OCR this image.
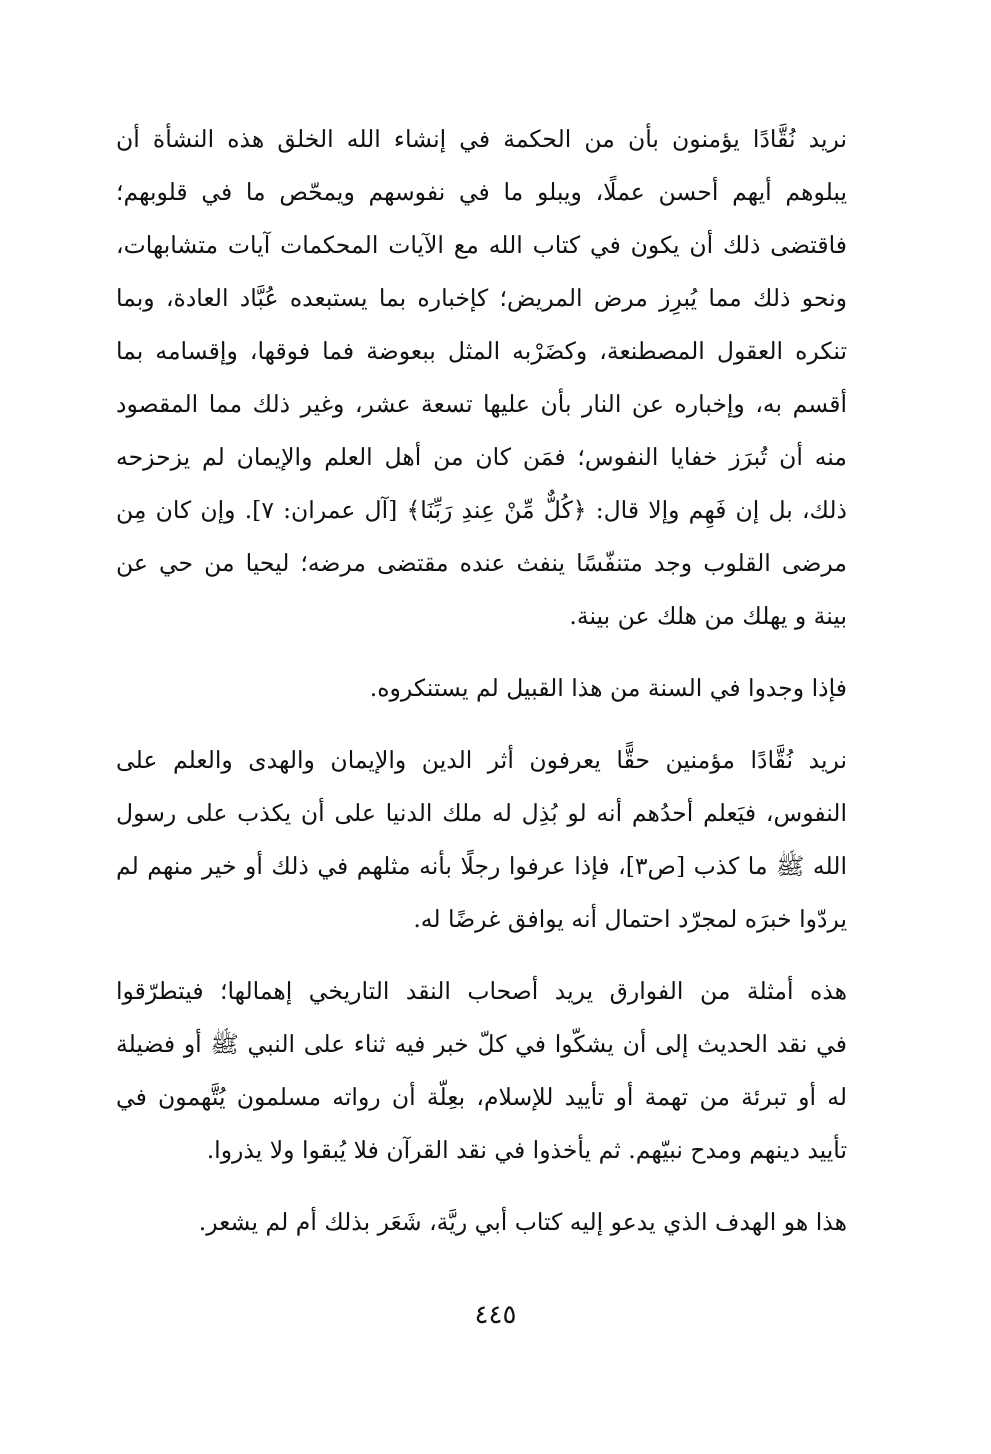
نريد نُقَّادًا يؤمنون بأن من الحكمة في إنشاء الله الخلق هذه النشأة أن
يبلوهم أيهم أحسن عملًا، ويبلو ما في نفوسهم ويمحّص ما في قلوبهم؛
فاقتضى ذلك أن يكون في كتاب الله مع الآيات المحكمات آيات متشابهات،
ونحو ذلك مما يُبرِز مرض المريض؛ كإخباره بما يستبعده عُبَّاد العادة، وبما
تنكره العقول المصطنعة، وكضَرْبه المثل ببعوضة فما فوقها، وإقسامه بما
أقسم به، وإخباره عن النار بأن عليها تسعة عشر، وغير ذلك مما المقصود
منه أن تُبرَز خفايا النفوس؛ فمَن كان من أهل العلم والإيمان لم يزحزحه
ذلك، بل إن فَهِم وإلا قال: ﴿كُلٌّ مِّنْ عِندِ رَبِّنَا﴾ [آل عمران: ٧]. وإن كان مِن
مرضى القلوب وجد متنفّسًا ينفث عنده مقتضى مرضه؛ ليحيا من حي عن
بينة و يهلك من هلك عن بينة.
فإذا وجدوا في السنة من هذا القبيل لم يستنكروه.
نريد نُقَّادًا مؤمنين حقًّا يعرفون أثر الدين والإيمان والهدى والعلم على
النفوس، فيَعلم أحدُهم أنه لو بُذِل له ملك الدنيا على أن يكذب على رسول
الله ﷺ ما كذب [ص٣]، فإذا عرفوا رجلًا بأنه مثلهم في ذلك أو خير منهم لم
يردّوا خبرَه لمجرّد احتمال أنه يوافق غرضًا له.
هذه أمثلة من الفوارق يريد أصحاب النقد التاريخي إهمالها؛ فيتطرّقوا
في نقد الحديث إلى أن يشكّوا في كلّ خبر فيه ثناء على النبي ﷺ أو فضيلة
له أو تبرئة من تهمة أو تأييد للإسلام، بعِلّة أن رواته مسلمون يُتَّهمون في
تأييد دينهم ومدح نبيّهم. ثم يأخذوا في نقد القرآن فلا يُبقوا ولا يذروا.
هذا هو الهدف الذي يدعو إليه كتاب أبي ريَّة، شَعَر بذلك أم لم يشعر.
٤٤٥
